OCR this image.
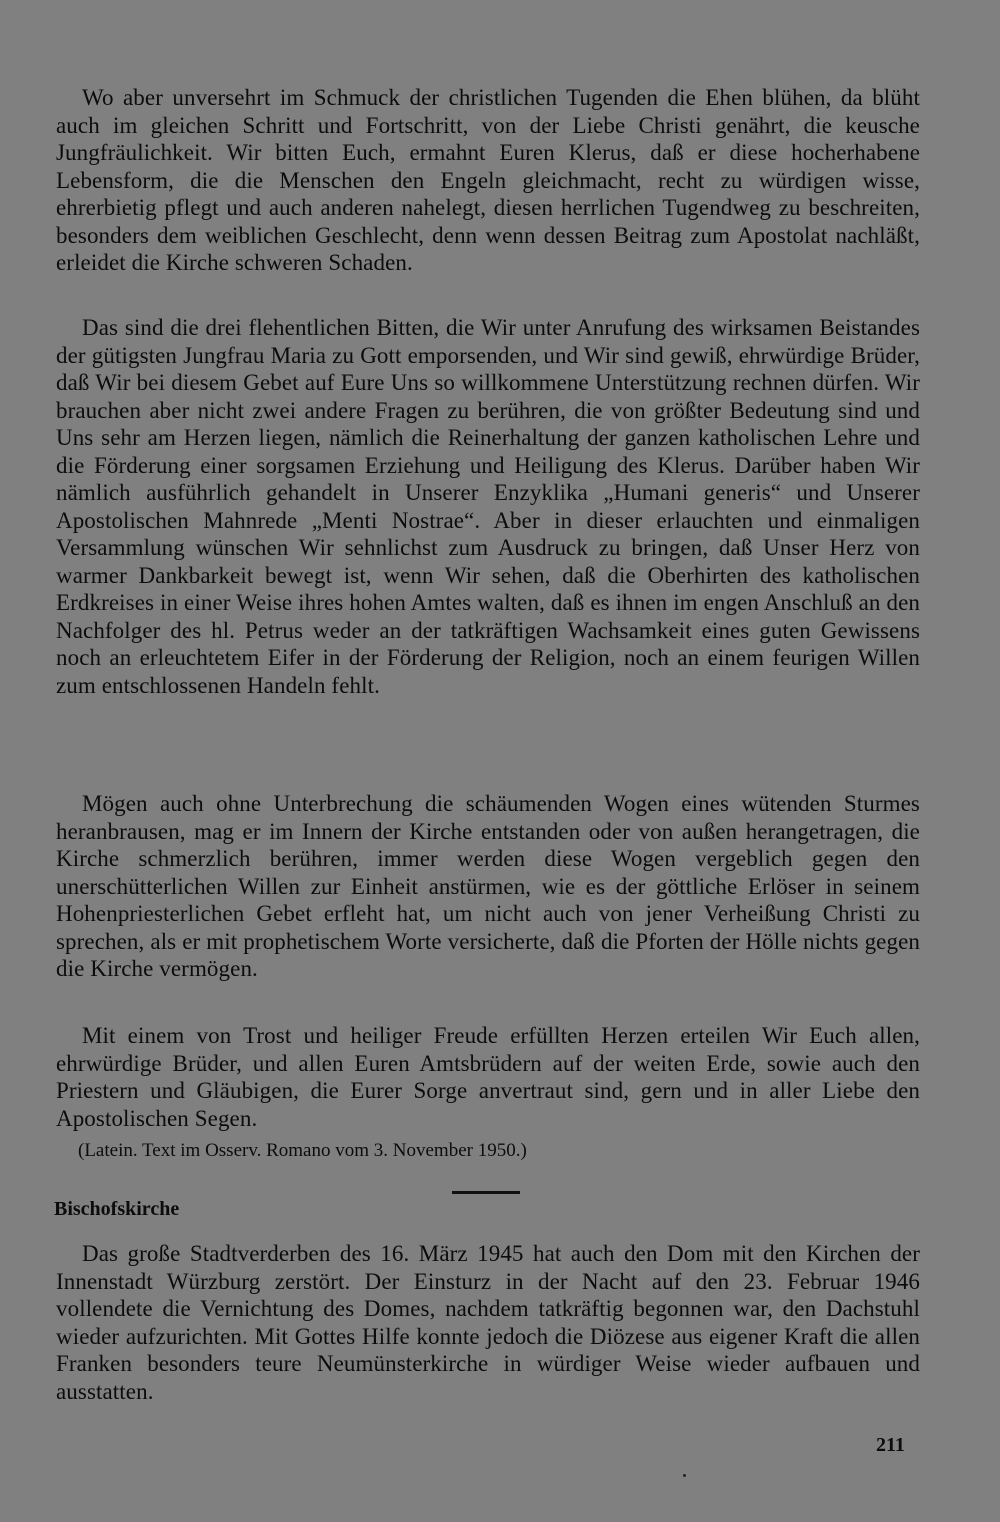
Wo aber unversehrt im Schmuck der christlichen Tugenden die Ehen blühen, da blüht auch im gleichen Schritt und Fortschritt, von der Liebe Christi genährt, die keusche Jungfräulichkeit. Wir bitten Euch, ermahnt Euren Klerus, daß er diese hocherhabene Lebensform, die die Menschen den Engeln gleichmacht, recht zu würdigen wisse, ehrerbietig pflegt und auch anderen nahelegt, diesen herrlichen Tugendweg zu beschreiten, besonders dem weiblichen Geschlecht, denn wenn dessen Beitrag zum Apostolat nachläßt, erleidet die Kirche schweren Schaden.

Das sind die drei flehentlichen Bitten, die Wir unter Anrufung des wirksamen Beistandes der gütigsten Jungfrau Maria zu Gott emporsenden, und Wir sind gewiß, ehrwürdige Brüder, daß Wir bei diesem Gebet auf Eure Uns so willkommene Unterstützung rechnen dürfen. Wir brauchen aber nicht zwei andere Fragen zu berühren, die von größter Bedeutung sind und Uns sehr am Herzen liegen, nämlich die Reinerhaltung der ganzen katholischen Lehre und die Förderung einer sorgsamen Erziehung und Heiligung des Klerus. Darüber haben Wir nämlich ausführlich gehandelt in Unserer Enzyklika „Humani generis“ und Unserer Apostolischen Mahnrede „Menti Nostrae“. Aber in dieser erlauchten und einmaligen Versammlung wünschen Wir sehnlichst zum Ausdruck zu bringen, daß Unser Herz von warmer Dankbarkeit bewegt ist, wenn Wir sehen, daß die Oberhirten des katholischen Erdkreises in einer Weise ihres hohen Amtes walten, daß es ihnen im engen Anschluß an den Nachfolger des hl. Petrus weder an der tatkräftigen Wachsamkeit eines guten Gewissens noch an erleuchtetem Eifer in der Förderung der Religion, noch an einem feurigen Willen zum entschlossenen Handeln fehlt.

Mögen auch ohne Unterbrechung die schäumenden Wogen eines wütenden Sturmes heranbrausen, mag er im Innern der Kirche entstanden oder von außen herangetragen, die Kirche schmerzlich berühren, immer werden diese Wogen vergeblich gegen den unerschütterlichen Willen zur Einheit anstürmen, wie es der göttliche Erlöser in seinem Hohenpriesterlichen Gebet erfleht hat, um nicht auch von jener Verheißung Christi zu sprechen, als er mit prophetischem Worte versicherte, daß die Pforten der Hölle nichts gegen die Kirche vermögen.

Mit einem von Trost und heiliger Freude erfüllten Herzen erteilen Wir Euch allen, ehrwürdige Brüder, und allen Euren Amtsbrüdern auf der weiten Erde, sowie auch den Priestern und Gläubigen, die Eurer Sorge anvertraut sind, gern und in aller Liebe den Apostolischen Segen.

(Latein. Text im Osserv. Romano vom 3. November 1950.)

Bischofskirche

Das große Stadtverderben des 16. März 1945 hat auch den Dom mit den Kirchen der Innenstadt Würzburg zerstört. Der Einsturz in der Nacht auf den 23. Februar 1946 vollendete die Vernichtung des Domes, nachdem tatkräftig begonnen war, den Dachstuhl wieder aufzurichten. Mit Gottes Hilfe konnte jedoch die Diözese aus eigener Kraft die allen Franken besonders teure Neumünsterkirche in würdiger Weise wieder aufbauen und ausstatten.

211
